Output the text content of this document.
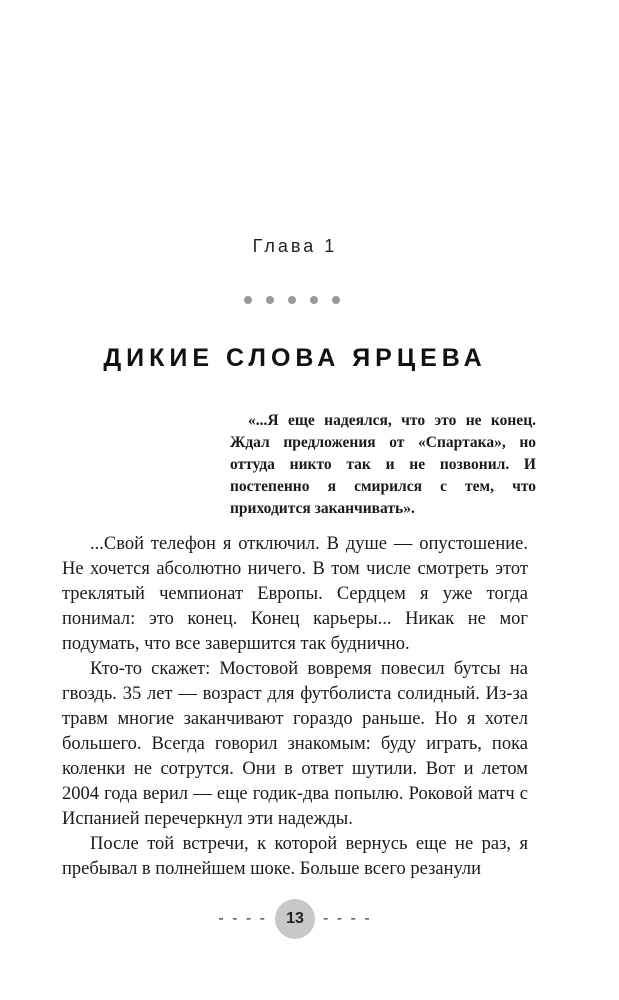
Глава 1
ДИКИЕ СЛОВА ЯРЦЕВА
«...Я еще надеялся, что это не конец. Ждал предложения от «Спартака», но оттуда никто так и не позвонил. И постепенно я смирился с тем, что приходится заканчивать».

...Свой телефон я отключил. В душе — опустошение. Не хочется абсолютно ничего. В том числе смотреть этот треклятый чемпионат Европы. Сердцем я уже тогда понимал: это конец. Конец карьеры... Никак не мог подумать, что все завершится так буднично.

Кто-то скажет: Мостовой вовремя повесил бутсы на гвоздь. 35 лет — возраст для футболиста солидный. Из-за травм многие заканчивают гораздо раньше. Но я хотел большего. Всегда говорил знакомым: буду играть, пока коленки не сотрутся. Они в ответ шутили. Вот и летом 2004 года верил — еще годик-два попылю. Роковой матч с Испанией перечеркнул эти надежды.

После той встречи, к которой вернусь еще не раз, я пребывал в полнейшем шоке. Больше всего резанули

- - - -	13	- - - -
